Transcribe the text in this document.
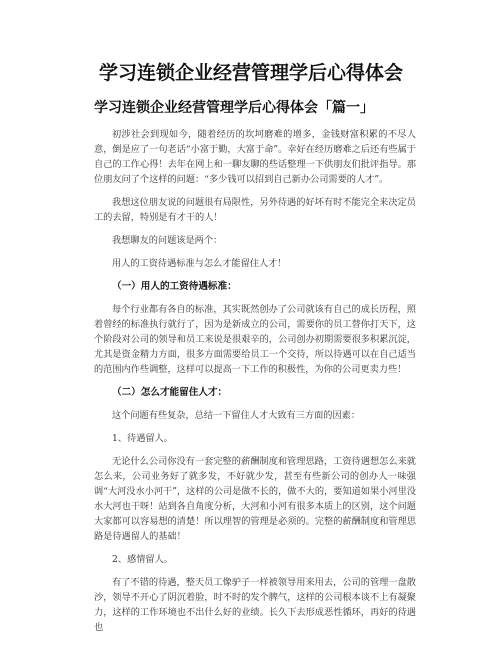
学习连锁企业经营管理学后心得体会
学习连锁企业经营管理学后心得体会「篇一」

初涉社会到现如今，随着经历的坎坷磨难的增多，金钱财富积累的不尽人意，倒是应了一句老话“小富于勤，大富于命”。幸好在经历磨难之后还有些属于自己的工作心得！去年在网上和一聊友聊的些话整理一下供朋友们批评指导。那位朋友问了个这样的问题：“多少钱可以招到自己新办公司需要的人才”。

我想这位朋友说的问题很有局限性，另外待遇的好坏有时不能完全来决定员工的去留，特别是有才干的人！

我想聊友的问题该是两个：

用人的工资待遇标准与怎么才能留住人才！

（一）用人的工资待遇标准：

每个行业都有各自的标准，其实既然创办了公司就该有自己的成长历程，照着曾经的标准执行就行了，因为是新成立的公司，需要你的员工替你打天下，这个阶段对公司的领导和员工来说是很艰辛的，公司创办初期需要很多积累沉淀，尤其是资金精力方面，很多方面需要给员工一个交待，所以待遇可以在自己适当的范围内作些调整，这样可以提高一下工作的积极性，为你的公司更卖力些！

（二）怎么才能留住人才：

这个问题有些复杂，总结一下留住人才大致有三方面的因素：

1、待遇留人。

无论什么公司你没有一套完整的薪酬制度和管理思路，工资待遇想怎么来就怎么来，公司业务好了就多发，不好就少发，甚至有些新公司的创办人一味强调“大河没水小河干”，这样的公司是做不长的，做不大的，要知道如果小河里没水大河也干呀！站到各自角度分析，大河和小河有很多本质上的区别，这个问题大家都可以容易想的清楚！所以理智的管理是必须的。完整的薪酬制度和管理思路是待遇留人的基础！

2、感情留人。

有了不错的待遇，整天员工像驴子一样被领导用来用去，公司的管理一盘散沙，领导不开心了阴沉着脸，时不时的发个脾气，这样的公司根本谈不上有凝聚力，这样的工作环境也不出什么好的业绩。长久下去形成恶性循环，再好的待遇也
